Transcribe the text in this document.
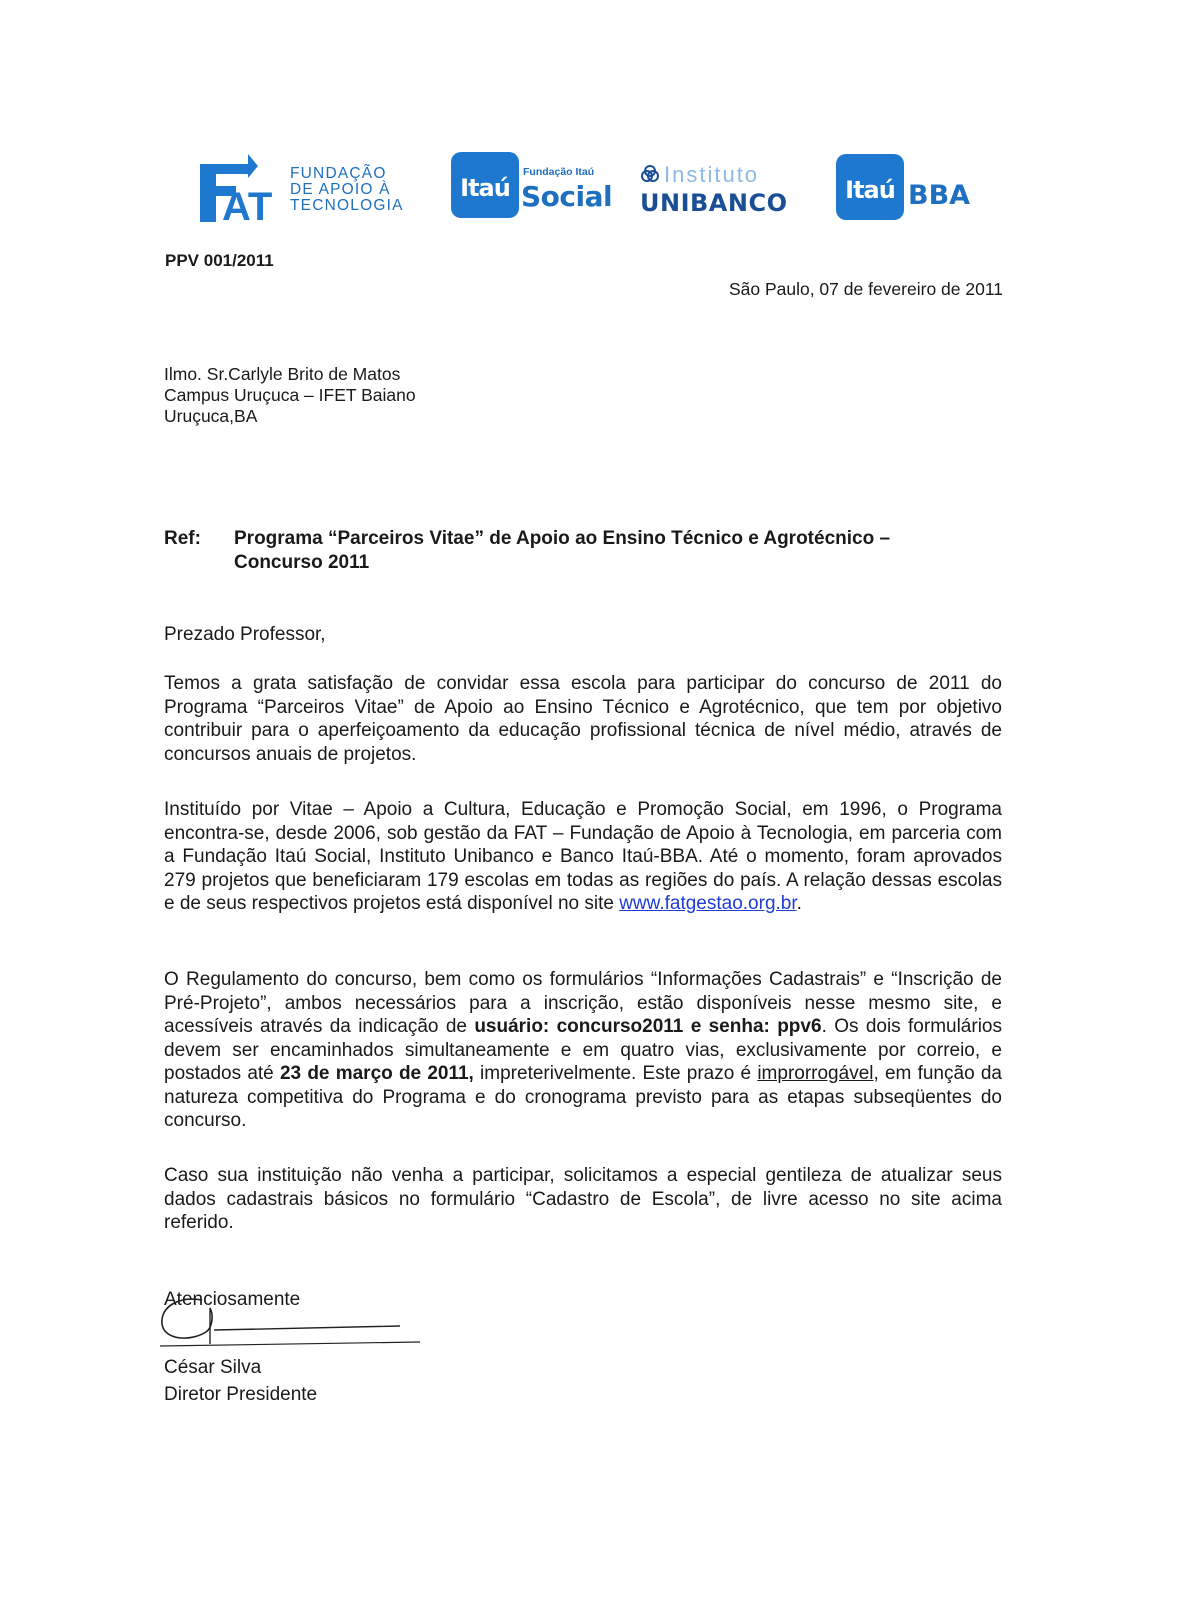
AT
FUNDAÇÃO
DE APOIO À
TECNOLOGIA
Itaú
Fundação Itaú
Social
Instituto
UNIBANCO Itaú BBA
PPV 001/2011
São Paulo, 07 de fevereiro de 2011
Ilmo. Sr.Carlyle Brito de Matos
Campus Uruçuca – IFET Baiano
Uruçuca,BA
Ref: Programa “Parceiros Vitae” de Apoio ao Ensino Técnico e Agrotécnico –
Concurso 2011
Prezado Professor,
Temos a grata satisfação de convidar essa escola para participar do concurso de 2011 do Programa “Parceiros Vitae” de Apoio ao Ensino Técnico e Agrotécnico, que tem por objetivo contribuir para o aperfeiçoamento da educação profissional técnica de nível médio, através de concursos anuais de projetos.
Instituído por Vitae – Apoio a Cultura, Educação e Promoção Social, em 1996, o Programa encontra-se, desde 2006, sob gestão da FAT – Fundação de Apoio à Tecnologia, em parceria com a Fundação Itaú Social, Instituto Unibanco e Banco Itaú-BBA. Até o momento, foram aprovados 279 projetos que beneficiaram 179 escolas em todas as regiões do país. A relação dessas escolas e de seus respectivos projetos está disponível no site www.fatgestao.org.br.
O Regulamento do concurso, bem como os formulários “Informações Cadastrais” e “Inscrição de Pré-Projeto”, ambos necessários para a inscrição, estão disponíveis nesse mesmo site, e acessíveis através da indicação de usuário: concurso2011 e senha: ppv6. Os dois formulários devem ser encaminhados simultaneamente e em quatro vias, exclusivamente por correio, e postados até 23 de março de 2011, impreterivelmente. Este prazo é improrrogável, em função da natureza competitiva do Programa e do cronograma previsto para as etapas subseqüentes do concurso.
Caso sua instituição não venha a participar, solicitamos a especial gentileza de atualizar seus dados cadastrais básicos no formulário “Cadastro de Escola”, de livre acesso no site acima referido.
Atenciosamente
César Silva
Diretor Presidente
